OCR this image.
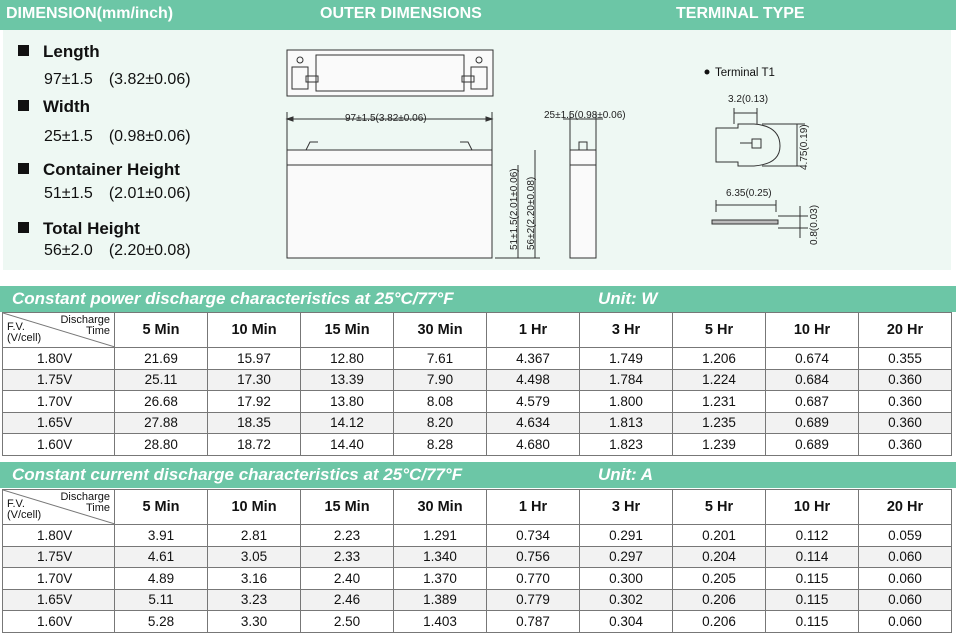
DIMENSION(mm/inch)	OUTER DIMENSIONS	TERMINAL TYPE
Length
97±1.5 (3.82±0.06)
Width
25±1.5 (0.98±0.06)
Container Height
51±1.5 (2.01±0.06)
Total Height
56±2.0 (2.20±0.08)
97±1.5(3.82±0.06)
51±1.5(2.01±0.06) 56±2(2.20±0.08)
25±1.5(0.98±0.06)
Terminal T1
3.2(0.13)
4.75(0.19)
6.35(0.25)
0.8(0.03)
Constant power discharge characteristics at 25°C/77°F	Unit: W
Discharge
Time
F.V.
(V/cell)	5 Min	10 Min	15 Min	30 Min	1 Hr	3 Hr	5 Hr	10 Hr	20 Hr
1.80V	21.69	15.97	12.80	7.61	4.367	1.749	1.206	0.674	0.355
1.75V	25.11	17.30	13.39	7.90	4.498	1.784	1.224	0.684	0.360
1.70V	26.68	17.92	13.80	8.08	4.579	1.800	1.231	0.687	0.360
1.65V	27.88	18.35	14.12	8.20	4.634	1.813	1.235	0.689	0.360
1.60V	28.80	18.72	14.40	8.28	4.680	1.823	1.239	0.689	0.360
Constant current discharge characteristics at 25°C/77°F	Unit: A
Discharge
Time
F.V.
(V/cell)	5 Min	10 Min	15 Min	30 Min	1 Hr	3 Hr	5 Hr	10 Hr	20 Hr
1.80V	3.91	2.81	2.23	1.291	0.734	0.291	0.201	0.112	0.059
1.75V	4.61	3.05	2.33	1.340	0.756	0.297	0.204	0.114	0.060
1.70V	4.89	3.16	2.40	1.370	0.770	0.300	0.205	0.115	0.060
1.65V	5.11	3.23	2.46	1.389	0.779	0.302	0.206	0.115	0.060
1.60V	5.28	3.30	2.50	1.403	0.787	0.304	0.206	0.115	0.060
